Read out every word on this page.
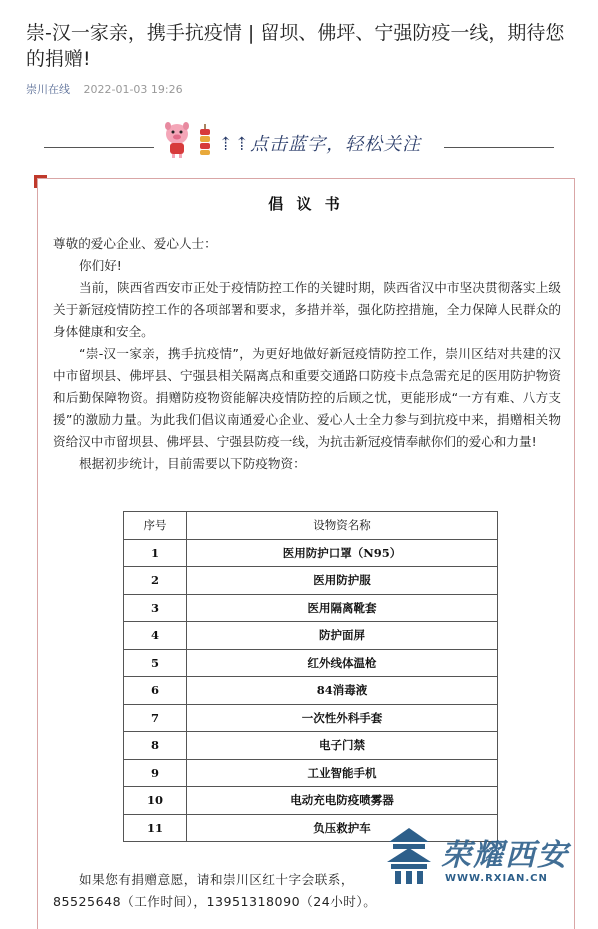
崇-汉一家亲，携手抗疫情 | 留坝、佛坪、宁强防疫一线，期待您的捐赠!
崇川在线 2022-01-03 19:26
⇡⇡点击蓝字，轻松关注
倡 议 书

尊敬的爱心企业、爱心人士：

你们好!

当前，陕西省西安市正处于疫情防控工作的关键时期，陕西省汉中市坚决贯彻落实上级关于新冠疫情防控工作的各项部署和要求，多措并举，强化防控措施，全力保障人民群众的身体健康和安全。

“崇-汉一家亲，携手抗疫情”，为更好地做好新冠疫情防控工作，崇川区结对共建的汉中市留坝县、佛坪县、宁强县相关隔离点和重要交通路口防疫卡点急需充足的医用防护物资和后勤保障物资。捐赠防疫物资能解决疫情防控的后顾之忧，更能形成“一方有难、八方支援”的激励力量。为此我们倡议南通爱心企业、爱心人士全力参与到抗疫中来，捐赠相关物资给汉中市留坝县、佛坪县、宁强县防疫一线，为抗击新冠疫情奉献你们的爱心和力量!

根据初步统计，目前需要以下防疫物资：

序号	设物资名称
1	医用防护口罩（N95）
2	医用防护服
3	医用隔离靴套
4	防护面屏
5	红外线体温枪
6	84消毒液
7	一次性外科手套
8	电子门禁
9	工业智能手机
10	电动充电防疫喷雾器
11	负压救护车

如果您有捐赠意愿，请和崇川区红十字会联系，

85525648（工作时间），13951318090（24小时）。

荣耀西安
WWW.RXIAN.CN
